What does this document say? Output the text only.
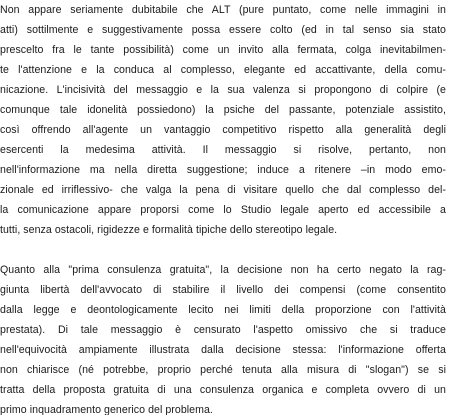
Non appare seriamente dubitabile che ALT (pure puntato, come nelle immagini in
atti) sottilmente e suggestivamente possa essere colto (ed in tal senso sia stato
prescelto fra le tante possibilità) come un invito alla fermata, colga inevitabilmen-
te l'attenzione e la conduca al complesso, elegante ed accattivante, della comu-
nicazione. L'incisività del messaggio e la sua valenza si propongono di colpire (e
comunque tale idonelità possiedono) la psiche del passante, potenziale assistito,
così offrendo all'agente un vantaggio competitivo rispetto alla generalità degli
esercenti la medesima attività. Il messaggio si risolve, pertanto, non
nell'informazione ma nella diretta suggestione; induce a ritenere –in modo emo-
zionale ed irriflessivo- che valga la pena di visitare quello che dal complesso del-
la comunicazione appare proporsi come lo Studio legale aperto ed accessibile a
tutti, senza ostacoli, rigidezze e formalità tipiche dello stereotipo legale.
Quanto alla "prima consulenza gratuita", la decisione non ha certo negato la rag-
giunta libertà dell'avvocato di stabilire il livello dei compensi (come consentito
dalla legge e deontologicamente lecito nei limiti della proporzione con l'attività
prestata). Di tale messaggio è censurato l'aspetto omissivo che si traduce
nell'equivocità ampiamente illustrata dalla decisione stessa: l'informazione offerta
non chiarisce (né potrebbe, proprio perché tenuta alla misura di "slogan") se si
tratta della proposta gratuita di una consulenza organica e completa ovvero di un
primo inquadramento generico del problema.
